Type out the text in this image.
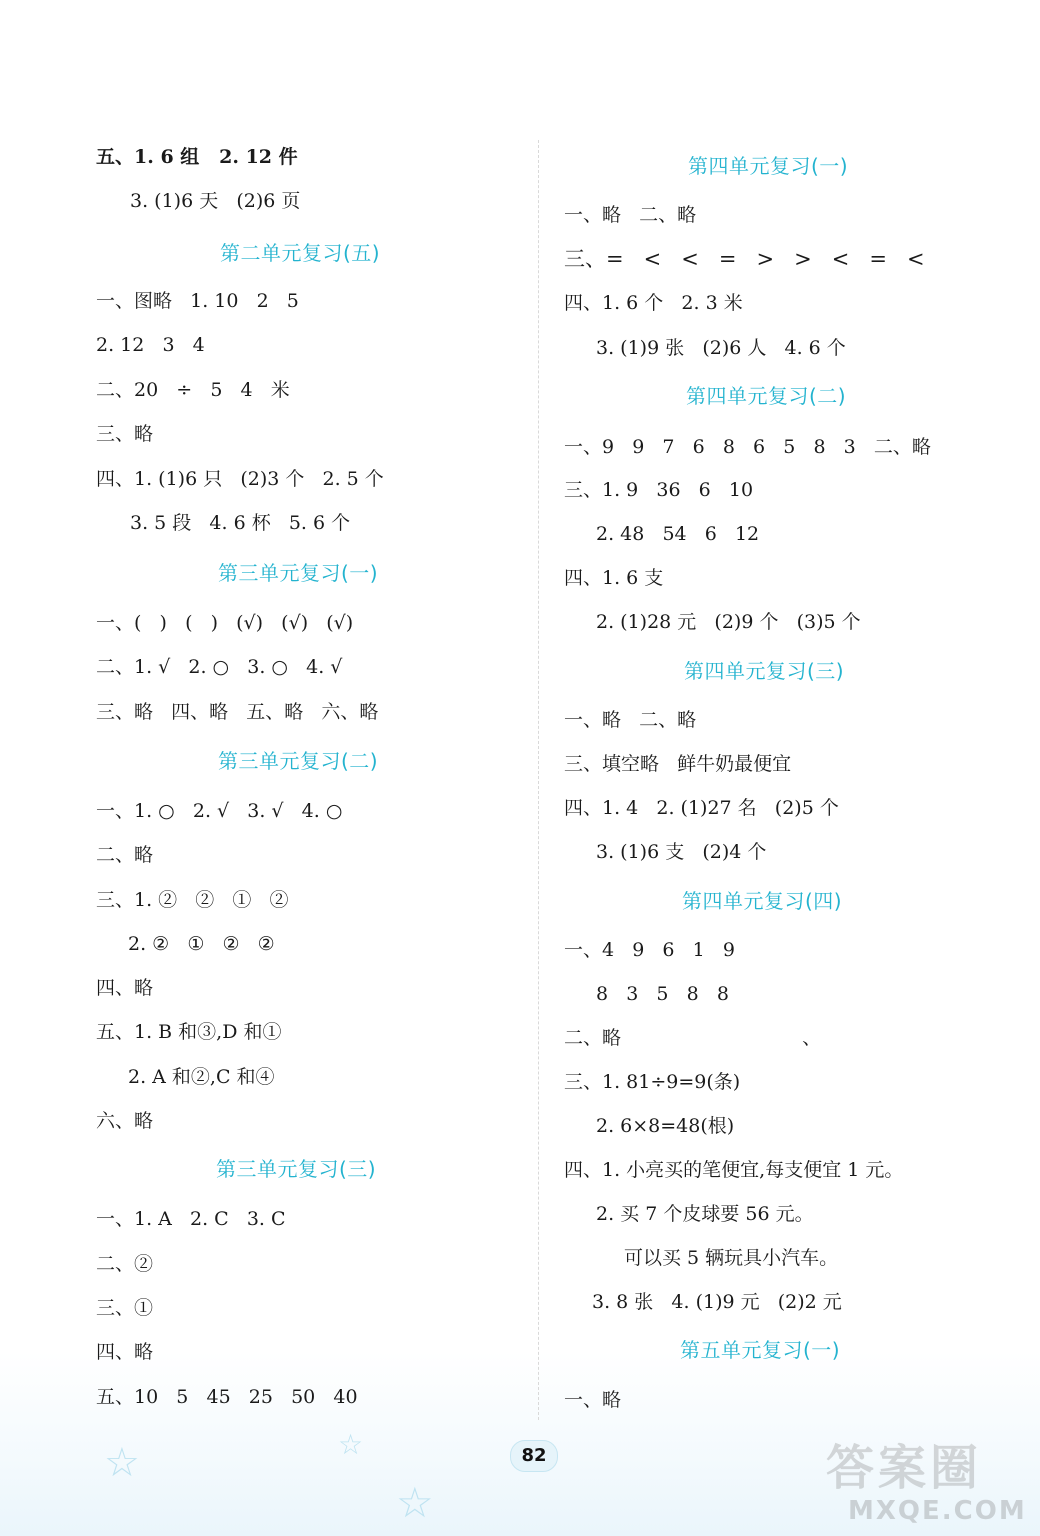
五、1. 6 组   2. 12 件
3. (1)6 天   (2)6 页
第二单元复习(五)
一、图略   1. 10   2   5
2. 12   3   4
二、20   ÷   5   4   米
三、略
四、1. (1)6 只   (2)3 个   2. 5 个
3. 5 段   4. 6 杯   5. 6 个
第三单元复习(一)
一、(   )   (   )   (√)   (√)   (√)
二、1. √   2. ○   3. ○   4. √
三、略   四、略   五、略   六、略
第三单元复习(二)
一、1. ○   2. √   3. √   4. ○
二、略
三、1. ②   ②   ①   ②
2. ②   ①   ②   ②
四、略
五、1. B 和③,D 和①
2. A 和②,C 和④
六、略
第三单元复习(三)
一、1. A   2. C   3. C
二、②
三、①
四、略
五、10   5   45   25   50   40
第四单元复习(一)
一、略   二、略
三、=   <   <   =   >   >   <   =   <
四、1. 6 个   2. 3 米
3. (1)9 张   (2)6 人   4. 6 个
第四单元复习(二)
一、9   9   7   6   8   6   5   8   3   二、略
三、1. 9   36   6   10
2. 48   54   6   12
四、1. 6 支
2. (1)28 元   (2)9 个   (3)5 个
第四单元复习(三)
一、略   二、略
三、填空略   鲜牛奶最便宜
四、1. 4   2. (1)27 名   (2)5 个
3. (1)6 支   (2)4 个
第四单元复习(四)
一、4   9   6   1   9
8   3   5   8   8
二、略                              、
三、1. 81÷9=9(条)
2. 6×8=48(根)
四、1. 小亮买的笔便宜,每支便宜 1 元。
2. 买 7 个皮球要 56 元。
可以买 5 辆玩具小汽车。
3. 8 张   4. (1)9 元   (2)2 元
第五单元复习(一)
一、略
☆	☆
☆
82	答案圈
MXQE.COM
